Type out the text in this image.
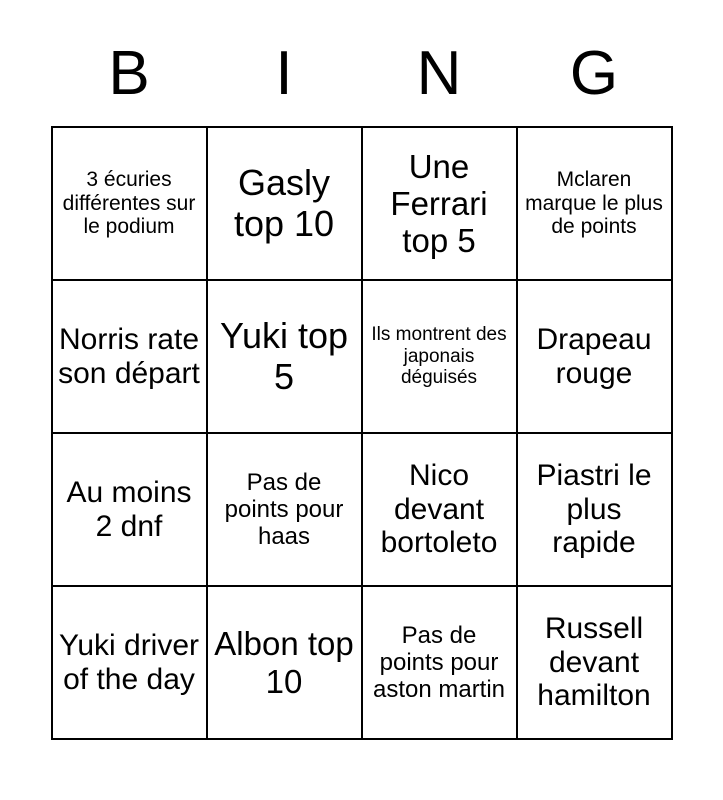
B	I	N	G
3 écuries différentes sur le podium	Gasly top 10	Une Ferrari top 5	Mclaren marque le plus de points
Norris rate son départ	Yuki top 5	Ils montrent des japonais déguisés	Drapeau rouge
Au moins 2 dnf	Pas de points pour haas	Nico devant bortoleto	Piastri le plus rapide
Yuki driver of the day	Albon top 10	Pas de points pour aston martin	Russell devant hamilton
